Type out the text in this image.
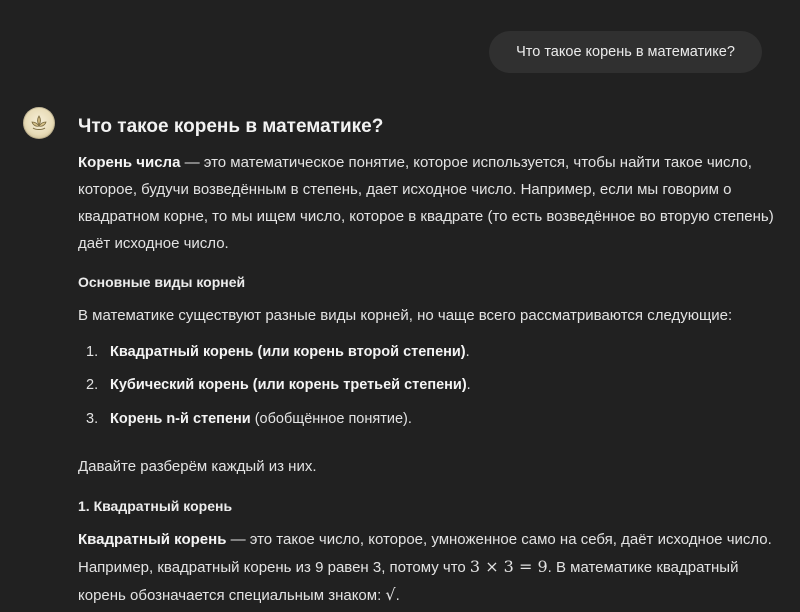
Что такое корень в математике?
Что такое корень в математике?

Корень числа — это математическое понятие, которое используется, чтобы найти такое число, которое, будучи возведённым в степень, дает исходное число. Например, если мы говорим о квадратном корне, то мы ищем число, которое в квадрате (то есть возведённое во вторую степень) даёт исходное число.

Основные виды корней

В математике существуют разные виды корней, но чаще всего рассматриваются следующие:

1. Квадратный корень (или корень второй степени).
2. Кубический корень (или корень третьей степени).
3. Корень n-й степени (обобщённое понятие).

Давайте разберём каждый из них.

1. Квадратный корень

Квадратный корень — это такое число, которое, умноженное само на себя, даёт исходное число. Например, квадратный корень из 9 равен 3, потому что 3 × 3 = 9. В математике квадратный корень обозначается специальным знаком: √.
